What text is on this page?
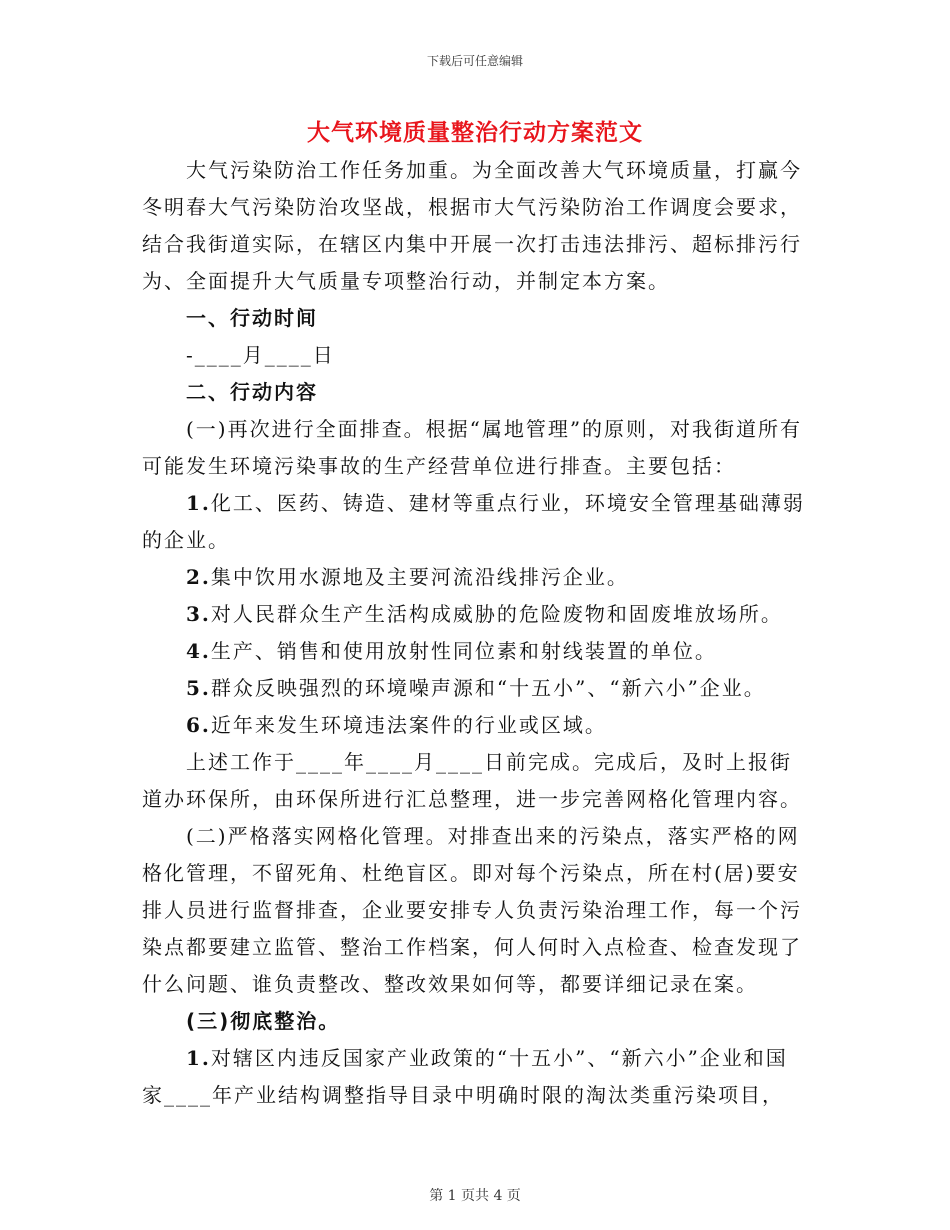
下载后可任意编辑
大气环境质量整治行动方案范文

大气污染防治工作任务加重。为全面改善大气环境质量，打赢今冬明春大气污染防治攻坚战，根据市大气污染防治工作调度会要求，结合我街道实际，在辖区内集中开展一次打击违法排污、超标排污行为、全面提升大气质量专项整治行动，并制定本方案。

一、行动时间

-____月____日

二、行动内容

(一)再次进行全面排查。根据“属地管理”的原则，对我街道所有可能发生环境污染事故的生产经营单位进行排查。主要包括：

1.化工、医药、铸造、建材等重点行业，环境安全管理基础薄弱的企业。

2.集中饮用水源地及主要河流沿线排污企业。

3.对人民群众生产生活构成威胁的危险废物和固废堆放场所。

4.生产、销售和使用放射性同位素和射线装置的单位。

5.群众反映强烈的环境噪声源和“十五小”、“新六小”企业。

6.近年来发生环境违法案件的行业或区域。

上述工作于____年____月____日前完成。完成后，及时上报街道办环保所，由环保所进行汇总整理，进一步完善网格化管理内容。

(二)严格落实网格化管理。对排查出来的污染点，落实严格的网格化管理，不留死角、杜绝盲区。即对每个污染点，所在村(居)要安排人员进行监督排查，企业要安排专人负责污染治理工作，每一个污染点都要建立监管、整治工作档案，何人何时入点检查、检查发现了什么问题、谁负责整改、整改效果如何等，都要详细记录在案。

(三)彻底整治。

1.对辖区内违反国家产业政策的“十五小”、“新六小”企业和国家____年产业结构调整指导目录中明确时限的淘汰类重污染项目，

第 1 页共 4 页
